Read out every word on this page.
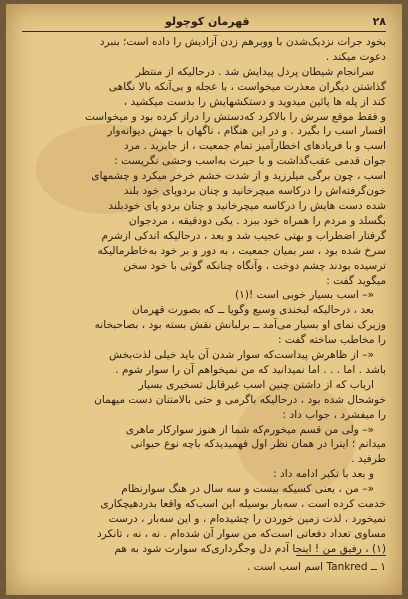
۲۸
قهرمان کوچولو
بخود جرات نزدیک‌شدن با ووبرهم زدن آزادیش را داده است؛ بنبرد
دعوت میکند .
سرانجام شیطان پردل پیدایش شد . درحالیکه از منتظر
گذاشتن دیگران معذرت میخواست ، با عجله و بی‌آنکه بالا نگاهی
کند از پله ها پائین میدوید و دستکشهایش را بدست میکشید ،
و فقط موقع سرش را بالاکرد که‌دستش را دراز کرده بود و میخواست
افسار اسب را بگیرد . و در این هنگام ، ناگهان با جهش دیوانه‌وار
اسب و با فریادهای اخطارآمیز تمام جمعیت ، از جابرید . مرد
جوان قدمی عقب‌گذاشت و با حیرت به‌اسب وحشی نگریست :
اسب ، چون برگی میلرزید و از شدت خشم خرخر میکرد و چشمهای
خون‌گرفته‌اش را درکاسه میچرخانید و چنان بردوپای خود بلند
شده دست هایش را درکاسه میچرخانید و چنان بردو پای خودبلند
بگسلد و مردم را همراه خود ببرد . یکی دودقیقه ، مردجوان
گرفتار اضطراب و بهتی عجیب شد و بعد ، درحالیکه اندکی ازشرم
سرخ شده بود ، سر بمیان جمعیت ، به دور و بر خود به‌خاطرمالیکه
ترسیده بودند چشم دوخت ، وآنگاه چنانکه گوئی با خود سخن
میگوید گفت :
«– اسب بسیار خوبی است !(۱)
بعد ، درحالیکه لبخندی وسیع وگویا ــ که بصورت قهرمان
وزیرک نمای او بسیار می‌آمد ــ برلبانش نقش بسته بود ، بصاحبخانه
را مخاطب ساخته گفت :
«– از ظاهرش پیداست‌که سوار شدن آن باید خیلی لذت‌بخش
باشد . اما . . . اما نمیدانید که من نمیخواهم آن را سوار شوم .
ارباب که از داشتن چنین اسب غیرقابل تسخیری بسیار
خوشحال شده بود ، درحالیکه باگرمی و حتی بالامتنان دست میهمان
را میفشرد ، جواب داد :
«– ولی من قسم میخورم‌که شما از هنوز سوارکار ماهری
میدانم ؛ اینرا در همان نظر اول فهمیدیدکه باچه نوع حیوانی
طرفید .
و بعد با تکبر ادامه داد :
«– من ، یعنی کسیکه بیست و سه سال در هنگ سوارنظام
خدمت کرده است ، سه‌بار بوسیله این اسب‌که واقعا بدردهیچکاری
نمیخورد ، لذت زمین خوردن را چشیده‌ام ، و این سه‌بار ، درست
مساوی تعداد دفعاتی است‌که من سوار آن شده‌ام . نه ، نه ، تانکرد
(۱) ، رفیق من ! اینجا آدم دل وجگرداری‌که سوارت شود به هم
۱ ــ Tankred اسم اسب است .
